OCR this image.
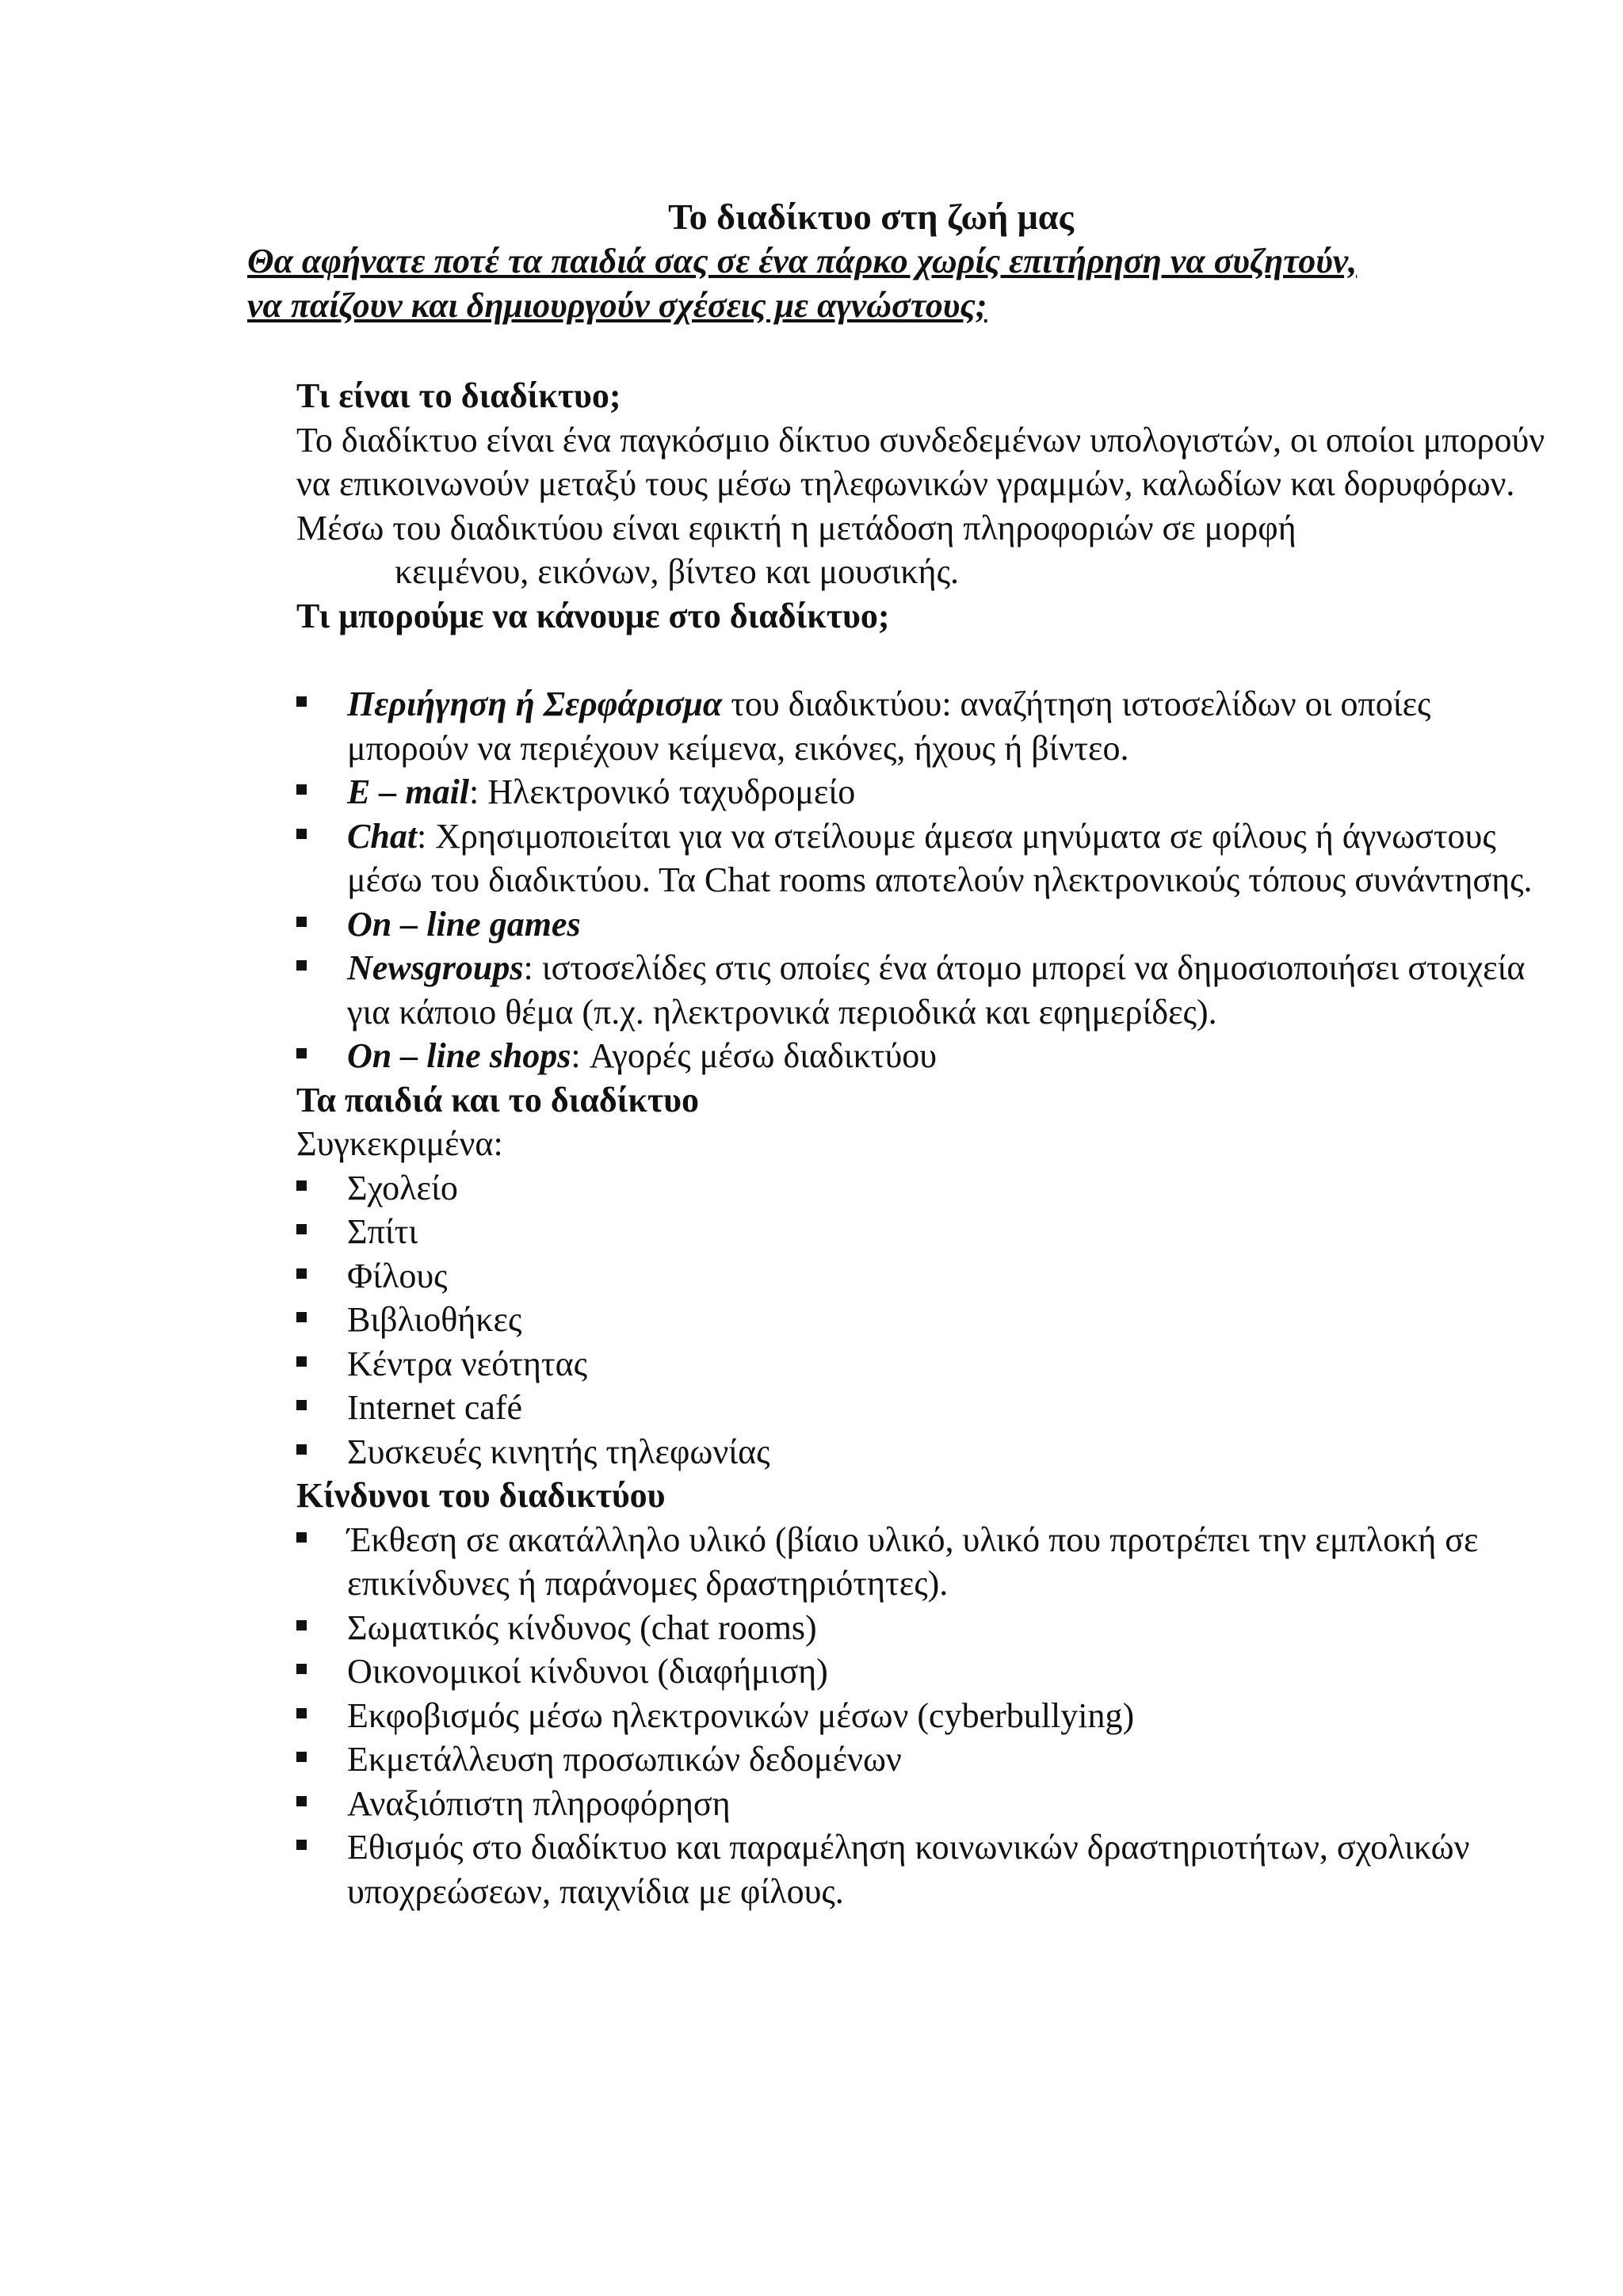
Το διαδίκτυο στη ζωή μας
Θα αφήνατε ποτέ τα παιδιά σας σε ένα πάρκο χωρίς επιτήρηση να συζητούν,
να παίζουν και δημιουργούν σχέσεις με αγνώστους;

Τι είναι το διαδίκτυο;

Το διαδίκτυο είναι ένα παγκόσμιο δίκτυο συνδεδεμένων υπολογιστών, οι οποίοι μπορούν να επικοινωνούν μεταξύ τους μέσω τηλεφωνικών γραμμών, καλωδίων και δορυφόρων.

Μέσω του διαδικτύου είναι εφικτή η μετάδοση πληροφοριών σε μορφή

κειμένου, εικόνων, βίντεο και μουσικής.

Τι μπορούμε να κάνουμε στο διαδίκτυο;

Περιήγηση ή Σερφάρισμα του διαδικτύου: αναζήτηση ιστοσελίδων οι οποίες μπορούν να περιέχουν κείμενα, εικόνες, ήχους ή βίντεο.
E – mail: Ηλεκτρονικό ταχυδρομείο
Chat: Χρησιμοποιείται για να στείλουμε άμεσα μηνύματα σε φίλους ή άγνωστους μέσω του διαδικτύου. Τα Chat rooms αποτελούν ηλεκτρονικούς τόπους συνάντησης.
On – line games
Newsgroups: ιστοσελίδες στις οποίες ένα άτομο μπορεί να δημοσιοποιήσει στοιχεία για κάποιο θέμα (π.χ. ηλεκτρονικά περιοδικά και εφημερίδες).
On – line shops: Αγορές μέσω διαδικτύου

Τα παιδιά και το διαδίκτυο

Συγκεκριμένα:

Σχολείο
Σπίτι
Φίλους
Βιβλιοθήκες
Κέντρα νεότητας
Internet café
Συσκευές κινητής τηλεφωνίας

Κίνδυνοι του διαδικτύου

Έκθεση σε ακατάλληλο υλικό (βίαιο υλικό, υλικό που προτρέπει την εμπλοκή σε επικίνδυνες ή παράνομες δραστηριότητες).
Σωματικός κίνδυνος (chat rooms)
Οικονομικοί κίνδυνοι (διαφήμιση)
Εκφοβισμός μέσω ηλεκτρονικών μέσων (cyberbullying)
Εκμετάλλευση προσωπικών δεδομένων
Αναξιόπιστη πληροφόρηση
Εθισμός στο διαδίκτυο και παραμέληση κοινωνικών δραστηριοτήτων, σχολικών υποχρεώσεων, παιχνίδια με φίλους.
